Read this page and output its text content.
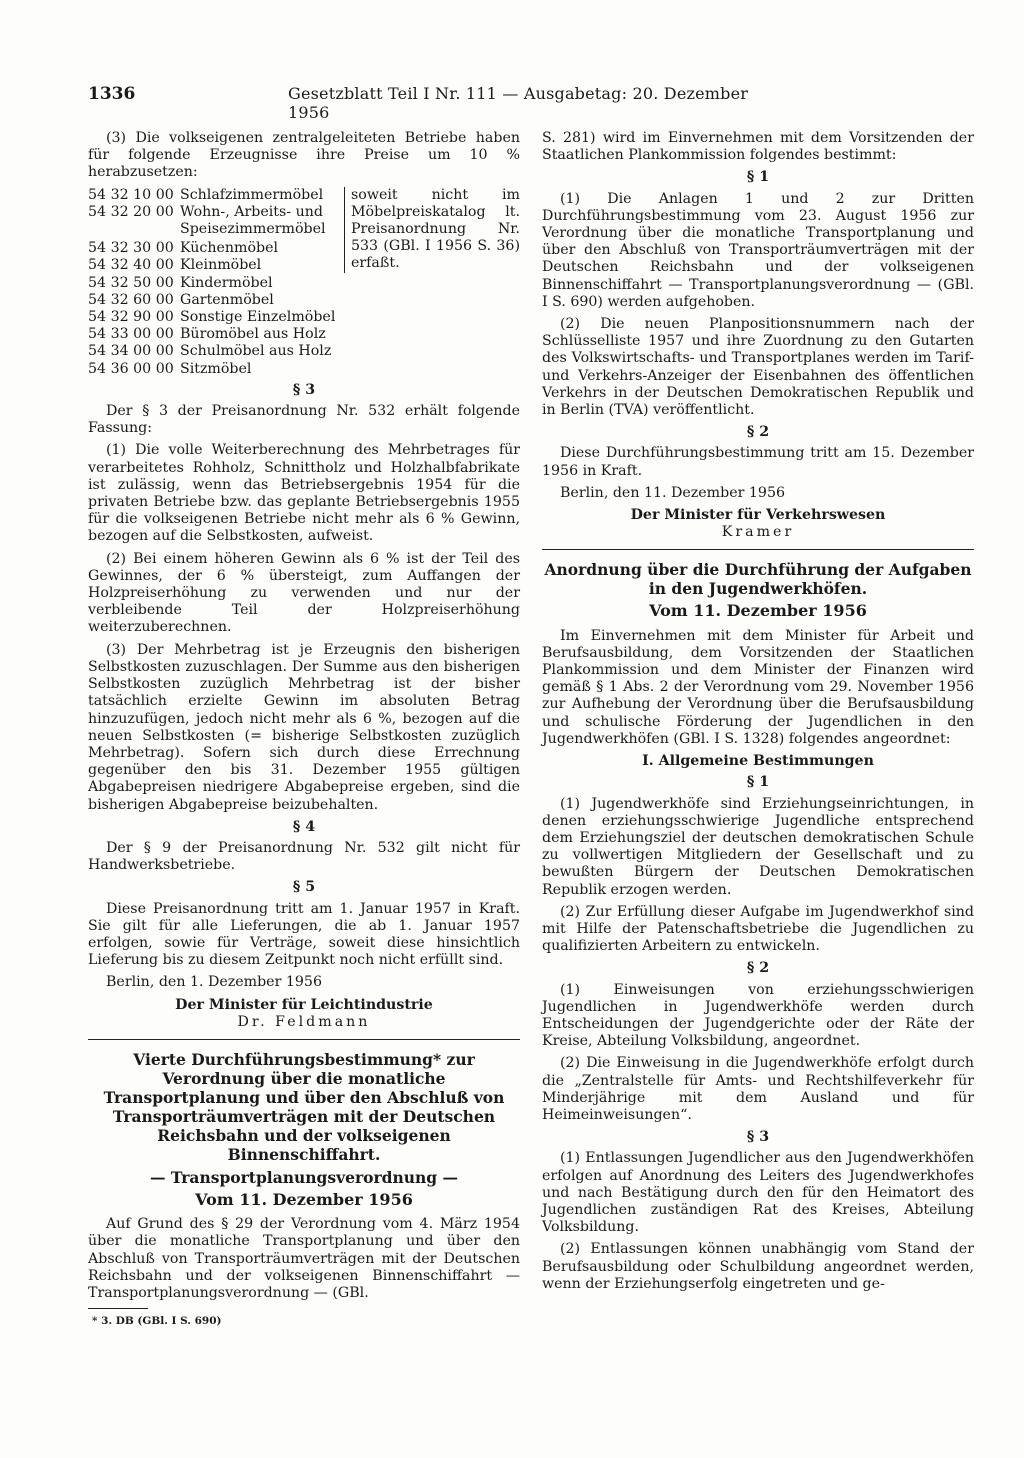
1336	Gesetzblatt Teil I Nr. 111 — Ausgabetag: 20. Dezember 1956

(3) Die volkseigenen zentralgeleiteten Betriebe haben für folgende Erzeugnisse ihre Preise um 10 % herabzusetzen:

54 32 10 00 Schlafzimmermöbel
54 32 20 00 Wohn-, Arbeits- und Speisezimmermöbel
54 32 30 00 Küchenmöbel
54 32 40 00 Kleinmöbel
54 32 50 00 Kindermöbel
54 32 60 00 Gartenmöbel
54 32 90 00 Sonstige Einzelmöbel
54 33 00 00 Büromöbel aus Holz
54 34 00 00 Schulmöbel aus Holz
54 36 00 00 Sitzmöbel
soweit nicht im Möbelpreiskatalog lt. Preisanordnung Nr. 533 (GBl. I 1956 S. 36) erfaßt.
§ 3

Der § 3 der Preisanordnung Nr. 532 erhält folgende Fassung:

(1) Die volle Weiterberechnung des Mehrbetrages für verarbeitetes Rohholz, Schnittholz und Holzhalbfabrikate ist zulässig, wenn das Betriebsergebnis 1954 für die privaten Betriebe bzw. das geplante Betriebsergebnis 1955 für die volkseigenen Betriebe nicht mehr als 6 % Gewinn, bezogen auf die Selbstkosten, aufweist.

(2) Bei einem höheren Gewinn als 6 % ist der Teil des Gewinnes, der 6 % übersteigt, zum Auffangen der Holzpreiserhöhung zu verwenden und nur der verbleibende Teil der Holzpreiserhöhung weiterzuberechnen.

(3) Der Mehrbetrag ist je Erzeugnis den bisherigen Selbstkosten zuzuschlagen. Der Summe aus den bisherigen Selbstkosten zuzüglich Mehrbetrag ist der bisher tatsächlich erzielte Gewinn im absoluten Betrag hinzuzufügen, jedoch nicht mehr als 6 %, bezogen auf die neuen Selbstkosten (= bisherige Selbstkosten zuzüglich Mehrbetrag). Sofern sich durch diese Errechnung gegenüber den bis 31. Dezember 1955 gültigen Abgabepreisen niedrigere Abgabepreise ergeben, sind die bisherigen Abgabepreise beizubehalten.

§ 4

Der § 9 der Preisanordnung Nr. 532 gilt nicht für Handwerksbetriebe.

§ 5

Diese Preisanordnung tritt am 1. Januar 1957 in Kraft. Sie gilt für alle Lieferungen, die ab 1. Januar 1957 erfolgen, sowie für Verträge, soweit diese hinsichtlich Lieferung bis zu diesem Zeitpunkt noch nicht erfüllt sind.

Berlin, den 1. Dezember 1956

Der Minister für Leichtindustrie
Dr. Feldmann
Vierte Durchführungsbestimmung* zur Verordnung über die monatliche Transportplanung und über den Abschluß von Transporträumverträgen mit der Deutschen Reichsbahn und der volkseigenen Binnenschiffahrt.
— Transportplanungsverordnung —
Vom 11. Dezember 1956

Auf Grund des § 29 der Verordnung vom 4. März 1954 über die monatliche Transportplanung und über den Abschluß von Transporträumverträgen mit der Deutschen Reichsbahn und der volkseigenen Binnenschiffahrt — Transportplanungsverordnung — (GBl.

* 3. DB (GBl. I S. 690)

S. 281) wird im Einvernehmen mit dem Vorsitzenden der Staatlichen Plankommission folgendes bestimmt:

§ 1

(1) Die Anlagen 1 und 2 zur Dritten Durchführungsbestimmung vom 23. August 1956 zur Verordnung über die monatliche Transportplanung und über den Abschluß von Transporträumverträgen mit der Deutschen Reichsbahn und der volkseigenen Binnenschiffahrt — Transportplanungsverordnung — (GBl. I S. 690) werden aufgehoben.

(2) Die neuen Planpositionsnummern nach der Schlüsselliste 1957 und ihre Zuordnung zu den Gutarten des Volkswirtschafts- und Transportplanes werden im Tarif- und Verkehrs-Anzeiger der Eisenbahnen des öffentlichen Verkehrs in der Deutschen Demokratischen Republik und in Berlin (TVA) veröffentlicht.

§ 2

Diese Durchführungsbestimmung tritt am 15. Dezember 1956 in Kraft.

Berlin, den 11. Dezember 1956

Der Minister für Verkehrswesen
Kramer
Anordnung über die Durchführung der Aufgaben in den Jugendwerkhöfen.
Vom 11. Dezember 1956

Im Einvernehmen mit dem Minister für Arbeit und Berufsausbildung, dem Vorsitzenden der Staatlichen Plankommission und dem Minister der Finanzen wird gemäß § 1 Abs. 2 der Verordnung vom 29. November 1956 zur Aufhebung der Verordnung über die Berufsausbildung und schulische Förderung der Jugendlichen in den Jugendwerkhöfen (GBl. I S. 1328) folgendes angeordnet:

I. Allgemeine Bestimmungen
§ 1

(1) Jugendwerkhöfe sind Erziehungseinrichtungen, in denen erziehungsschwierige Jugendliche entsprechend dem Erziehungsziel der deutschen demokratischen Schule zu vollwertigen Mitgliedern der Gesellschaft und zu bewußten Bürgern der Deutschen Demokratischen Republik erzogen werden.

(2) Zur Erfüllung dieser Aufgabe im Jugendwerkhof sind mit Hilfe der Patenschaftsbetriebe die Jugendlichen zu qualifizierten Arbeitern zu entwickeln.

§ 2

(1) Einweisungen von erziehungsschwierigen Jugendlichen in Jugendwerkhöfe werden durch Entscheidungen der Jugendgerichte oder der Räte der Kreise, Abteilung Volksbildung, angeordnet.

(2) Die Einweisung in die Jugendwerkhöfe erfolgt durch die „Zentralstelle für Amts- und Rechtshilfeverkehr für Minderjährige mit dem Ausland und für Heimeinweisungen“.

§ 3

(1) Entlassungen Jugendlicher aus den Jugendwerkhöfen erfolgen auf Anordnung des Leiters des Jugendwerkhofes und nach Bestätigung durch den für den Heimatort des Jugendlichen zuständigen Rat des Kreises, Abteilung Volksbildung.

(2) Entlassungen können unabhängig vom Stand der Berufsausbildung oder Schulbildung angeordnet werden, wenn der Erziehungserfolg eingetreten und ge-
